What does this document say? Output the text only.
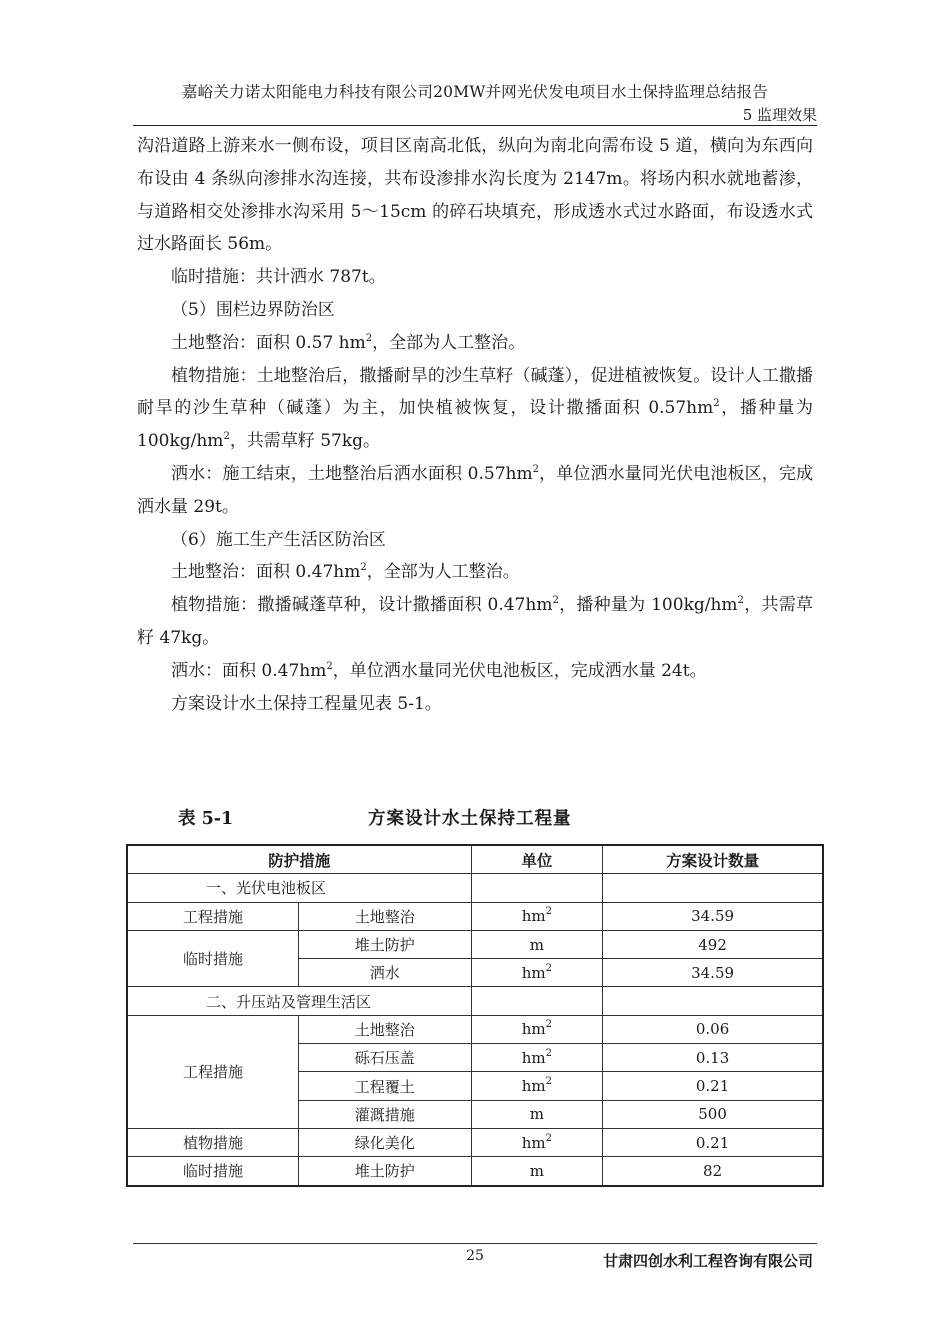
嘉峪关力诺太阳能电力科技有限公司20MW并网光伏发电项目水土保持监理总结报告
5 监理效果

沟沿道路上游来水一侧布设，项目区南高北低，纵向为南北向需布设 5 道，横向为东西向布设由 4 条纵向渗排水沟连接，共布设渗排水沟长度为 2147m。将场内积水就地蓄渗，与道路相交处渗排水沟采用 5～15cm 的碎石块填充，形成透水式过水路面，布设透水式过水路面长 56m。

临时措施：共计洒水 787t。

（5）围栏边界防治区

土地整治：面积 0.57 $hm^2$，全部为人工整治。

植物措施：土地整治后，撒播耐旱的沙生草籽（碱蓬），促进植被恢复。设计人工撒播耐旱的沙生草种（碱蓬）为主，加快植被恢复，设计撒播面积 $0.57hm^2$，播种量为 $100kg/hm^2$，共需草籽 57kg。

洒水：施工结束，土地整治后洒水面积 $0.57hm^2$，单位洒水量同光伏电池板区，完成洒水量 29t。

（6）施工生产生活区防治区

土地整治：面积 $0.47hm^2$，全部为人工整治。

植物措施：撒播碱蓬草种，设计撒播面积 $0.47hm^2$，播种量为 $100kg/hm^2$，共需草籽 47kg。

洒水：面积 $0.47hm^2$，单位洒水量同光伏电池板区，完成洒水量 24t。

方案设计水土保持工程量见表 5-1。

表 5-1	方案设计水土保持工程量
防护措施		单位	方案设计数量
一、光伏电池板区			
工程措施	土地整治	$hm^2$	34.59
临时措施	堆土防护	m	492
	洒水	$hm^2$	34.59
二、升压站及管理生活区			
工程措施	土地整治	$hm^2$	0.06
	砾石压盖	$hm^2$	0.13
	工程覆土	$hm^2$	0.21
	灌溉措施	m	500
植物措施	绿化美化	$hm^2$	0.21
临时措施	堆土防护	m	82
25	甘肃四创水利工程咨询有限公司
